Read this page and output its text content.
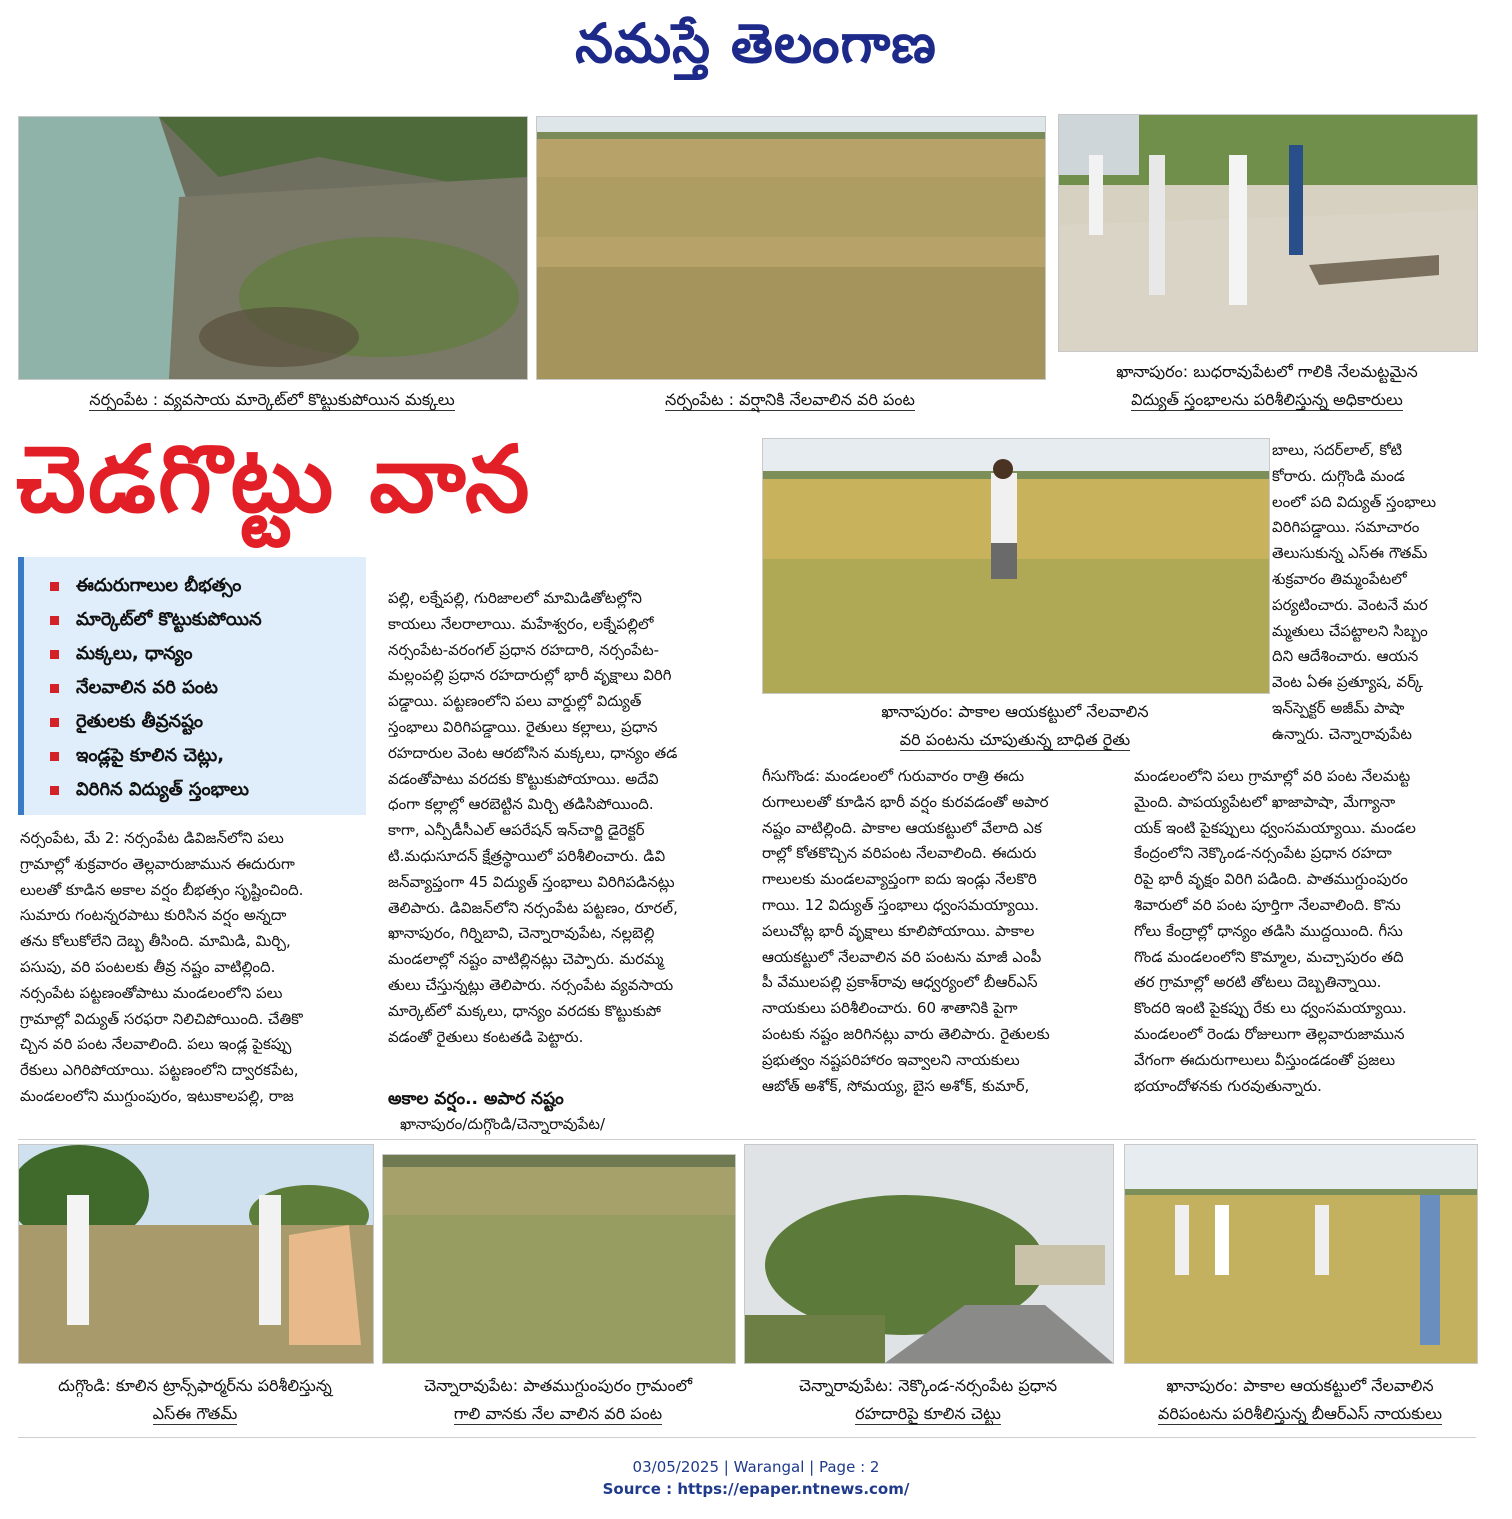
నమస్తే తెలంగాణ
నర్సంపేట : వ్యవసాయ మార్కెట్‌లో కొట్టుకుపోయిన మక్కలు	నర్సంపేట : వర్షానికి నేలవాలిన వరి పంట
ఖానాపురం: బుధరావుపేటలో గాలికి నేలమట్టమైన
విద్యుత్ స్తంభాలను పరిశీలిస్తున్న అధికారులు
చెడగొట్టు వాన
ఈదురుగాలుల బీభత్సం
మార్కెట్‌లో కొట్టుకుపోయిన
మక్కలు, ధాన్యం
నేలవాలిన వరి పంట
రైతులకు తీవ్రనష్టం
ఇండ్లపై కూలిన చెట్లు,
విరిగిన విద్యుత్ స్తంభాలు
నర్సంపేట, మే 2: నర్సంపేట డివిజన్‌లోని పలు
గ్రామాల్లో శుక్రవారం తెల్లవారుజామున ఈదురుగా
లులతో కూడిన అకాల వర్షం బీభత్సం సృష్టించింది.
సుమారు గంటన్నరపాటు కురిసిన వర్షం అన్నదా
తను కోలుకోలేని దెబ్బ తీసింది. మామిడి, మిర్చి,
పసుపు, వరి పంటలకు తీవ్ర నష్టం వాటిల్లింది.
నర్సంపేట పట్టణంతోపాటు మండలంలోని పలు
గ్రామాల్లో విద్యుత్ సరఫరా నిలిచిపోయింది. చేతికొ
చ్చిన వరి పంట నేలవాలింది. పలు ఇండ్ల పైకప్పు
రేకులు ఎగిరిపోయాయి. పట్టణంలోని ద్వారకపేట,
మండలంలోని ముగ్దుంపురం, ఇటుకాలపల్లి, రాజ
పల్లి, లక్నేపల్లి, గురిజాలలో మామిడితోటల్లోని
కాయలు నేలరాలాయి. మహేశ్వరం, లక్నేపల్లిలో
నర్సంపేట-వరంగల్ ప్రధాన రహదారి, నర్సంపేట-
మల్లంపల్లి ప్రధాన రహదారుల్లో భారీ వృక్షాలు విరిగి
పడ్డాయి. పట్టణంలోని పలు వార్డుల్లో విద్యుత్
స్తంభాలు విరిగిపడ్డాయి. రైతులు కల్లాలు, ప్రధాన
రహదారుల వెంట ఆరబోసిన మక్కలు, ధాన్యం తడ
వడంతోపాటు వరదకు కొట్టుకుపోయాయి. అదేవి
ధంగా కల్లాల్లో ఆరబెట్టిన మిర్చి తడిసిపోయింది.
కాగా, ఎన్పీడీసీఎల్ ఆపరేషన్ ఇన్‌చార్జి డైరెక్టర్
టి.మధుసూదన్ క్షేత్రస్థాయిలో పరిశీలించారు. డివి
జన్‌వ్యాప్తంగా 45 విద్యుత్ స్తంభాలు విరిగిపడినట్లు
తెలిపారు. డివిజన్‌లోని నర్సంపేట పట్టణం, రూరల్,
ఖానాపురం, గిర్నిబావి, చెన్నారావుపేట, నల్లబెల్లి
మండలాల్లో నష్టం వాటిల్లినట్లు చెప్పారు. మరమ్మ
తులు చేస్తున్నట్లు తెలిపారు. నర్సంపేట వ్యవసాయ
మార్కెట్‌లో మక్కలు, ధాన్యం వరదకు కొట్టుకుపో
వడంతో రైతులు కంటతడి పెట్టారు.
అకాల వర్షం.. అపార నష్టం
ఖానాపురం/దుగ్గొండి/చెన్నారావుపేట/
ఖానాపురం: పాకాల ఆయకట్టులో నేలవాలిన
వరి పంటను చూపుతున్న బాధిత రైతు
బాలు, సదర్‌లాల్, కోటి
కోరారు. దుగ్గొండి మండ
లంలో పది విద్యుత్ స్తంభాలు
విరిగిపడ్డాయి. సమాచారం
తెలుసుకున్న ఎస్‌ఈ గౌతమ్
శుక్రవారం తిమ్మంపేటలో
పర్యటించారు. వెంటనే మర
మ్మతులు చేపట్టాలని సిబ్బం
దిని ఆదేశించారు. ఆయన
వెంట ఏఈ ప్రత్యూష, వర్క్
ఇన్‌స్పెక్టర్ అజీమ్ పాషా
ఉన్నారు. చెన్నారావుపేట
గీసుగొండ: మండలంలో గురువారం రాత్రి ఈదు
రుగాలులతో కూడిన భారీ వర్షం కురవడంతో అపార
నష్టం వాటిల్లింది. పాకాల ఆయకట్టులో వేలాది ఎక
రాల్లో కోతకొచ్చిన వరిపంట నేలవాలింది. ఈదురు
గాలులకు మండలవ్యాప్తంగా ఐదు ఇండ్లు నేలకొరి
గాయి. 12 విద్యుత్ స్తంభాలు ధ్వంసమయ్యాయి.
పలుచోట్ల భారీ వృక్షాలు కూలిపోయాయి. పాకాల
ఆయకట్టులో నేలవాలిన వరి పంటను మాజీ ఎంపీ
పీ వేములపల్లి ప్రకాశ్‌రావు ఆధ్వర్యంలో బీఆర్ఎస్
నాయకులు పరిశీలించారు. 60 శాతానికి పైగా
పంటకు నష్టం జరిగినట్లు వారు తెలిపారు. రైతులకు
ప్రభుత్వం నష్టపరిహారం ఇవ్వాలని నాయకులు
ఆబోత్ అశోక్, సోమయ్య, బైస అశోక్, కుమార్,
మండలంలోని పలు గ్రామాల్లో వరి పంట నేలమట్ట
మైంది. పాపయ్యపేటలో ఖాజాపాషా, మేగ్యానా
యక్ ఇంటి పైకప్పులు ధ్వంసమయ్యాయి. మండల
కేంద్రంలోని నెక్కొండ-నర్సంపేట ప్రధాన రహదా
రిపై భారీ వృక్షం విరిగి పడింది. పాతముగ్దుంపురం
శివారులో వరి పంట పూర్తిగా నేలవాలింది. కొను
గోలు కేంద్రాల్లో ధాన్యం తడిసి ముద్దయింది. గీసు
గొండ మండలంలోని కొమ్మాల, మచ్చాపురం తది
తర గ్రామాల్లో అరటి తోటలు దెబ్బతిన్నాయి.
కొందరి ఇంటి పైకప్పు రేకు లు ధ్వంసమయ్యాయి.
మండలంలో రెండు రోజులుగా తెల్లవారుజామున
వేగంగా ఈదురుగాలులు వీస్తుండడంతో ప్రజలు
భయాందోళనకు గురవుతున్నారు.
దుగ్గొండి: కూలిన ట్రాన్స్‌ఫార్మర్‌ను పరిశీలిస్తున్న
ఎస్‌ఈ గౌతమ్
చెన్నారావుపేట: పాతముగ్దుంపురం గ్రామంలో
గాలి వానకు నేల వాలిన వరి పంట
చెన్నారావుపేట: నెక్కొండ-నర్సంపేట ప్రధాన
రహదారిపై కూలిన చెట్టు
ఖానాపురం: పాకాల ఆయకట్టులో నేలవాలిన
వరిపంటను పరిశీలిస్తున్న బీఆర్ఎస్ నాయకులు
03/05/2025 | Warangal | Page : 2
Source : https://epaper.ntnews.com/
